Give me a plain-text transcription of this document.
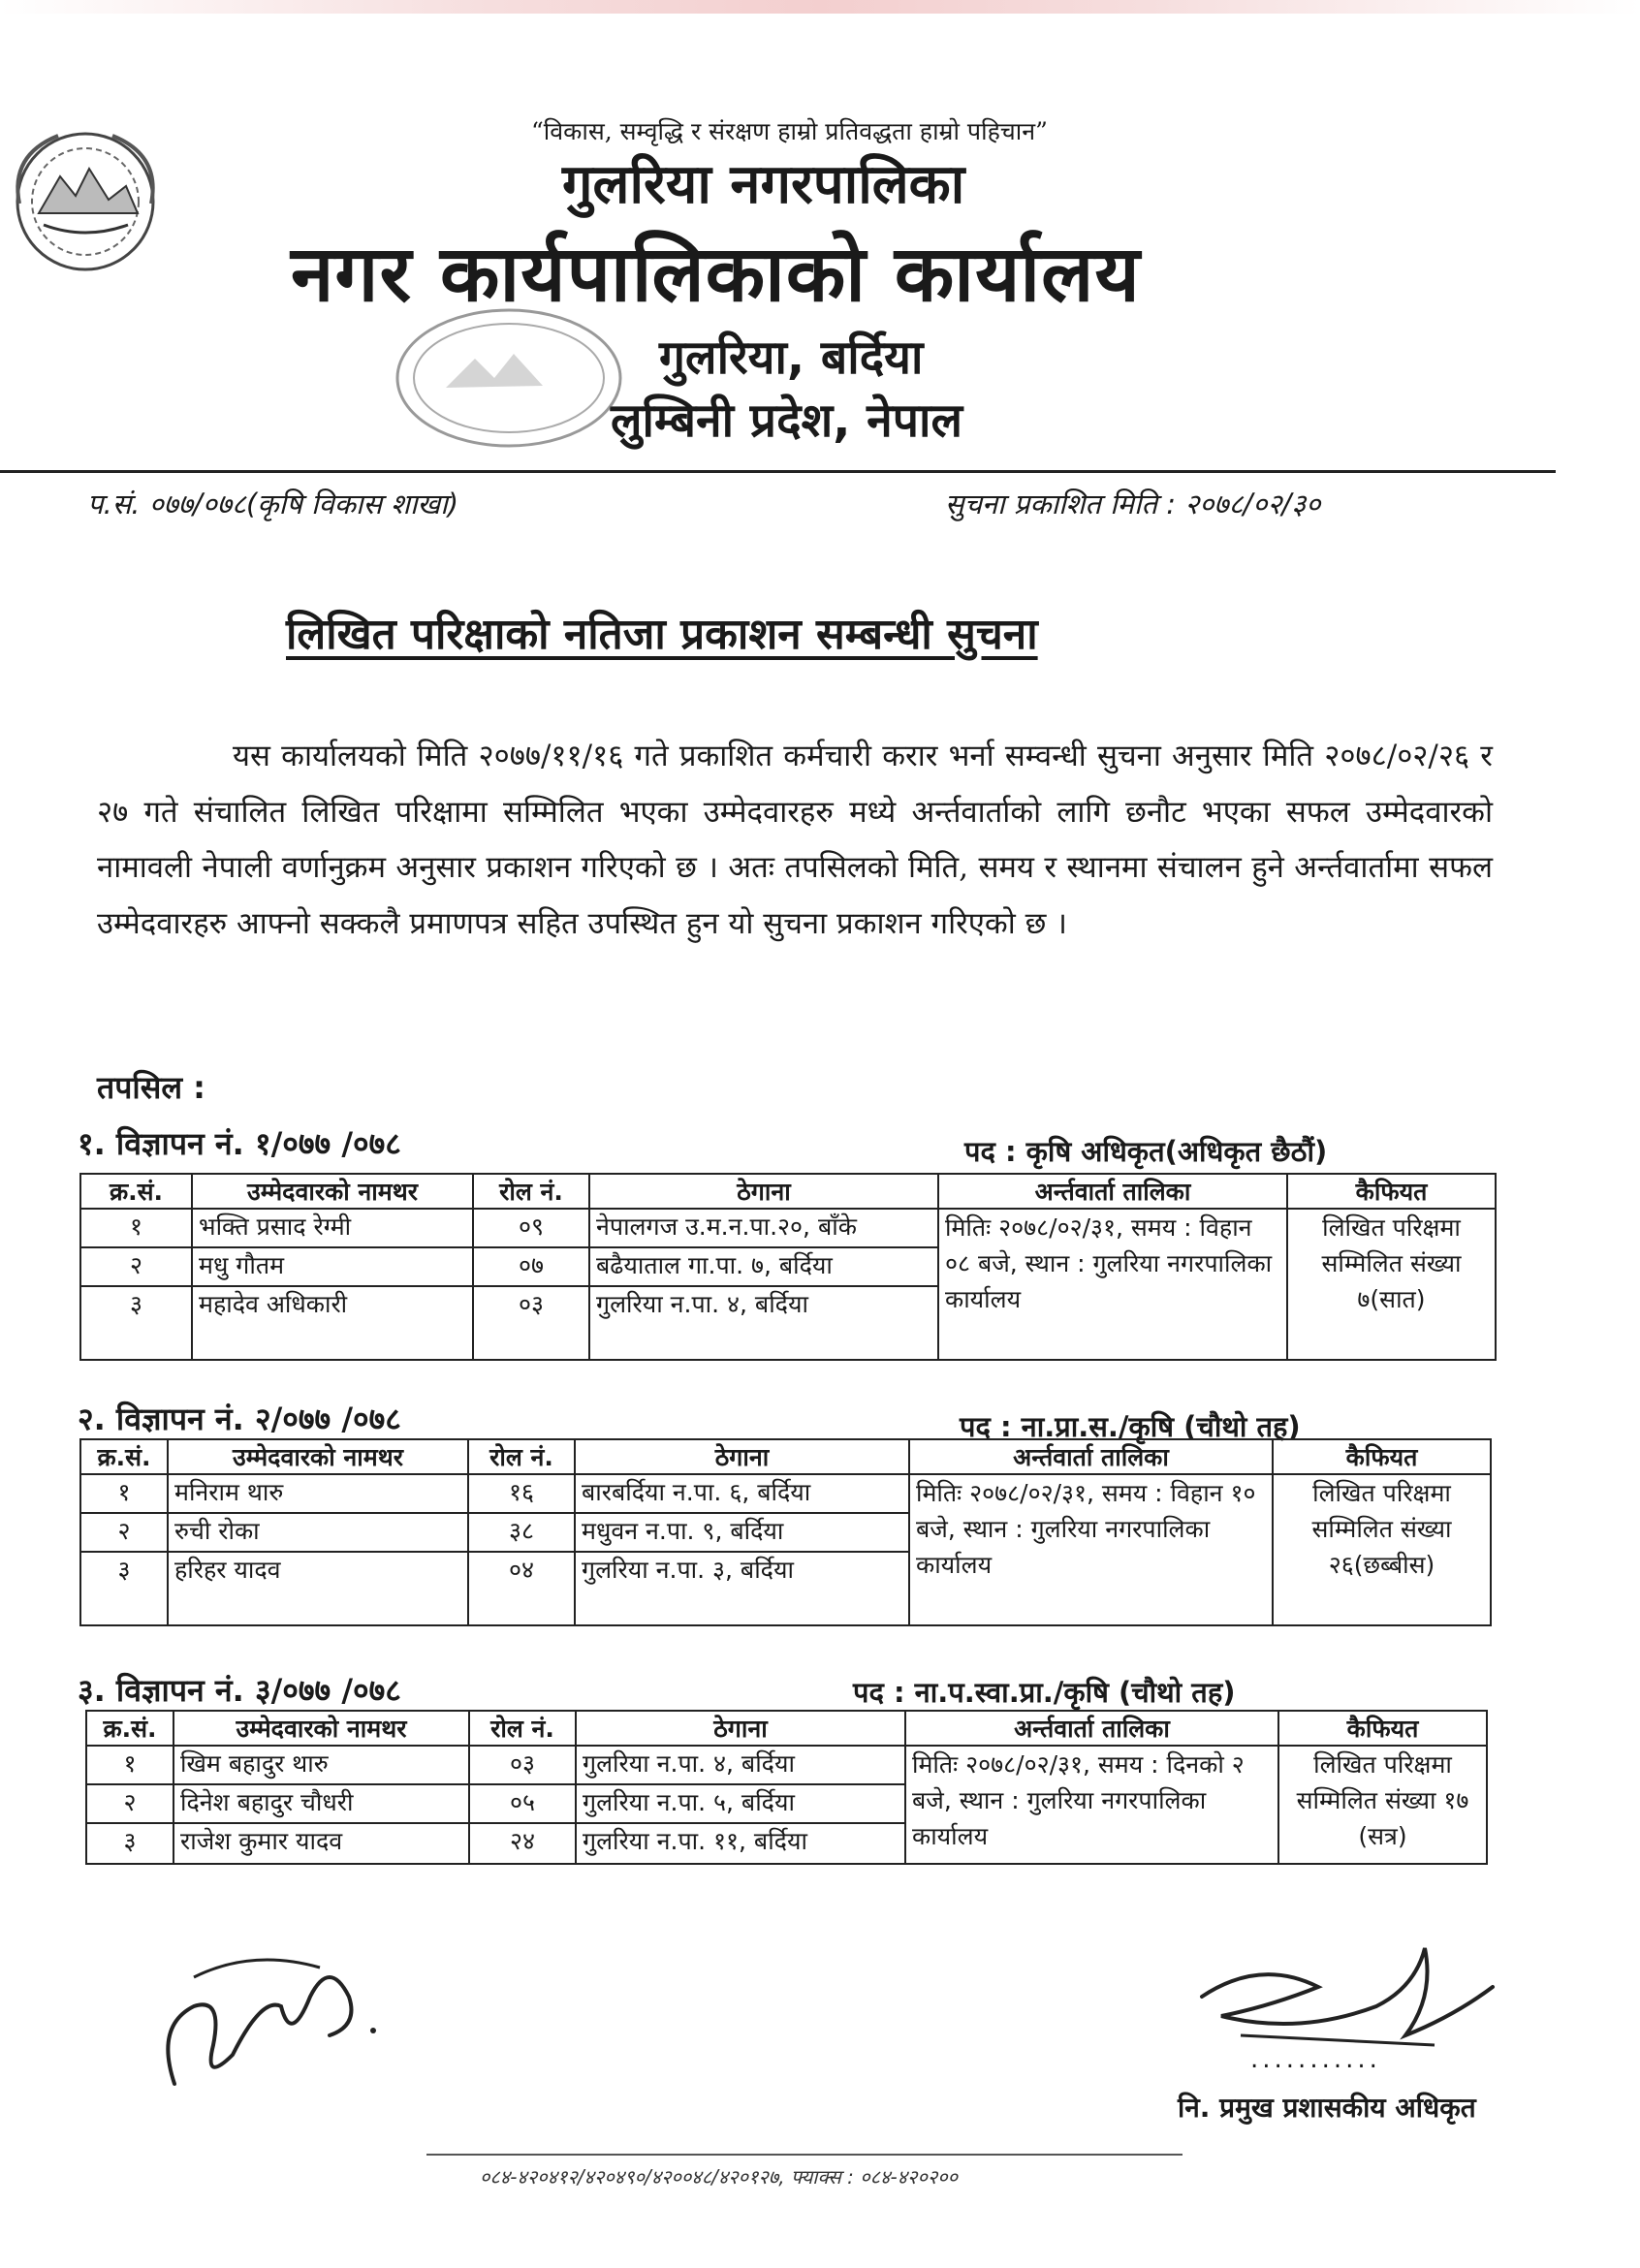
“विकास, सम्वृद्धि र संरक्षण हाम्रो प्रतिवद्धता हाम्रो पहिचान”
गुलरिया नगरपालिका
नगर कार्यपालिकाको कार्यालय
गुलरिया, बर्दिया
लुम्बिनी प्रदेश, नेपाल
प.सं. ०७७/०७८(कृषि विकास शाखा)	सुचना प्रकाशित मिति : २०७८/०२/३०
लिखित परिक्षाको नतिजा प्रकाशन सम्बन्धी सुचना

यस कार्यालयको मिति २०७७/११/१६ गते प्रकाशित कर्मचारी करार भर्ना सम्वन्धी सुचना अनुसार मिति २०७८/०२/२६ र २७ गते संचालित लिखित परिक्षामा सम्मिलित भएका उम्मेदवारहरु मध्ये अर्न्तवार्ताको लागि छनौट भएका सफल उम्मेदवारको नामावली नेपाली वर्णानुक्रम अनुसार प्रकाशन गरिएको छ । अतः तपसिलको मिति, समय र स्थानमा संचालन हुने अर्न्तवार्तामा सफल उम्मेदवारहरु आफ्नो सक्कलै प्रमाणपत्र सहित उपस्थित हुन यो सुचना प्रकाशन गरिएको छ ।

तपसिल :
१. विज्ञापन नं. १/०७७ /०७८	पद : कृषि अधिकृत(अधिकृत छैठौं)
क्र.सं.	उम्मेदवारको नामथर	रोल नं.	ठेगाना	अर्न्तवार्ता तालिका	कैफियत
१	भक्ति प्रसाद रेग्मी	०९	नेपालगज उ.म.न.पा.२०, बाँके	मितिः २०७८/०२/३१, समय : विहान ०८ बजे, स्थान : गुलरिया नगरपालिका कार्यालय	लिखित परिक्षमा सम्मिलित संख्या ७(सात)
२	मधु गौतम	०७	बढैयाताल गा.पा. ७, बर्दिया		
३	महादेव अधिकारी	०३	गुलरिया न.पा. ४, बर्दिया		
२. विज्ञापन नं. २/०७७ /०७८	पद : ना.प्रा.स./कृषि (चौथो तह)
क्र.सं.	उम्मेदवारको नामथर	रोल नं.	ठेगाना	अर्न्तवार्ता तालिका	कैफियत
१	मनिराम थारु	१६	बारबर्दिया न.पा. ६, बर्दिया	मितिः २०७८/०२/३१, समय : विहान १० बजे, स्थान : गुलरिया नगरपालिका कार्यालय	लिखित परिक्षमा सम्मिलित संख्या २६(छब्बीस)
२	रुची रोका	३८	मधुवन न.पा. ९, बर्दिया		
३	हरिहर यादव	०४	गुलरिया न.पा. ३, बर्दिया		
३. विज्ञापन नं. ३/०७७ /०७८	पद : ना.प.स्वा.प्रा./कृषि (चौथो तह)
क्र.सं.	उम्मेदवारको नामथर	रोल नं.	ठेगाना	अर्न्तवार्ता तालिका	कैफियत
१	खिम बहादुर थारु	०३	गुलरिया न.पा. ४, बर्दिया	मितिः २०७८/०२/३१, समय : दिनको २ बजे, स्थान : गुलरिया नगरपालिका कार्यालय	लिखित परिक्षमा सम्मिलित संख्या १७ (सत्र)
२	दिनेश बहादुर चौधरी	०५	गुलरिया न.पा. ५, बर्दिया		
३	राजेश कुमार यादव	२४	गुलरिया न.पा. ११, बर्दिया		
...........
नि. प्रमुख प्रशासकीय अधिकृत
०८४-४२०४१२/४२०४९०/४२००४८/४२०१२७, फ्याक्स : ०८४-४२०२००
